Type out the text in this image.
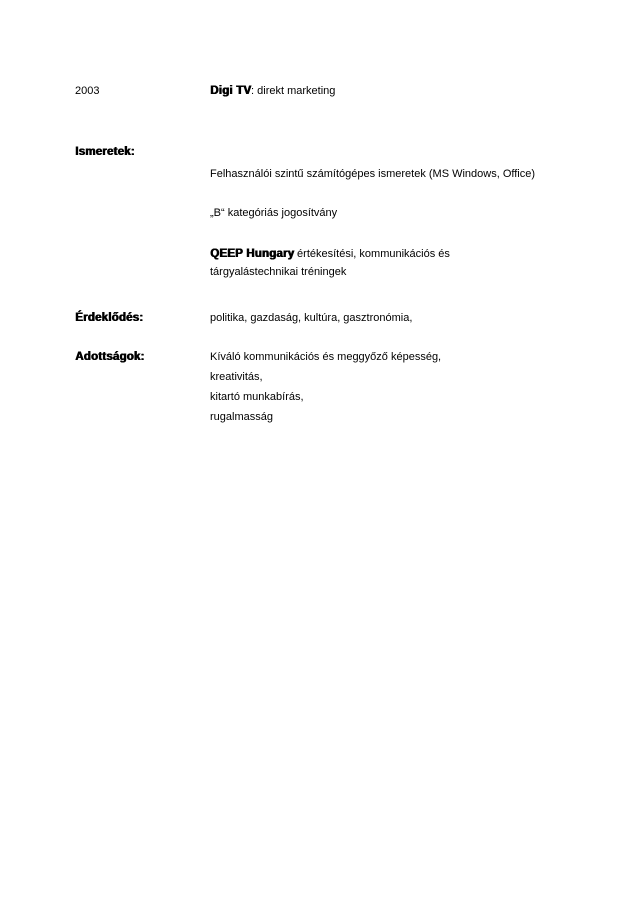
2003	Digi TV: direkt marketing
Ismeretek:
Felhasználói szintű számítógépes ismeretek (MS Windows, Office)
„B“ kategóriás jogosítvány
QEEP Hungary értékesítési, kommunikációs és
tárgyalástechnikai tréningek
Érdeklődés:	politika, gazdaság, kultúra, gasztronómia,
Adottságok:	Kíváló kommunikációs és meggyőző képesség,
kreativitás,
kitartó munkabírás,
rugalmasság
